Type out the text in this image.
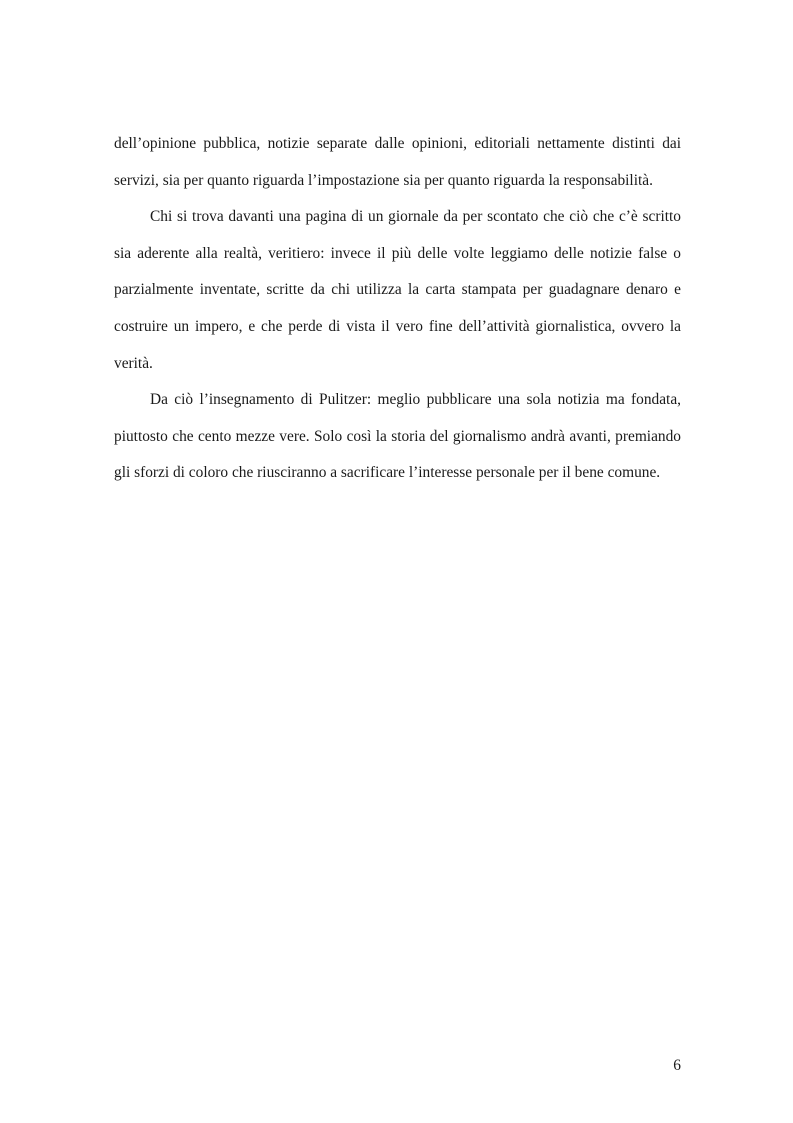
dell’opinione pubblica, notizie separate dalle opinioni, editoriali nettamente distinti dai servizi, sia per quanto riguarda l’impostazione sia per quanto riguarda la responsabilità.

Chi si trova davanti una pagina di un giornale da per scontato che ciò che c’è scritto sia aderente alla realtà, veritiero: invece il più delle volte leggiamo delle notizie false o parzialmente inventate, scritte da chi utilizza la carta stampata per guadagnare denaro e costruire un impero, e che perde di vista il vero fine dell’attività giornalistica, ovvero la verità.

Da ciò l’insegnamento di Pulitzer: meglio pubblicare una sola notizia ma fondata, piuttosto che cento mezze vere. Solo così la storia del giornalismo andrà avanti, premiando gli sforzi di coloro che riusciranno a sacrificare l’interesse personale per il bene comune.

6
